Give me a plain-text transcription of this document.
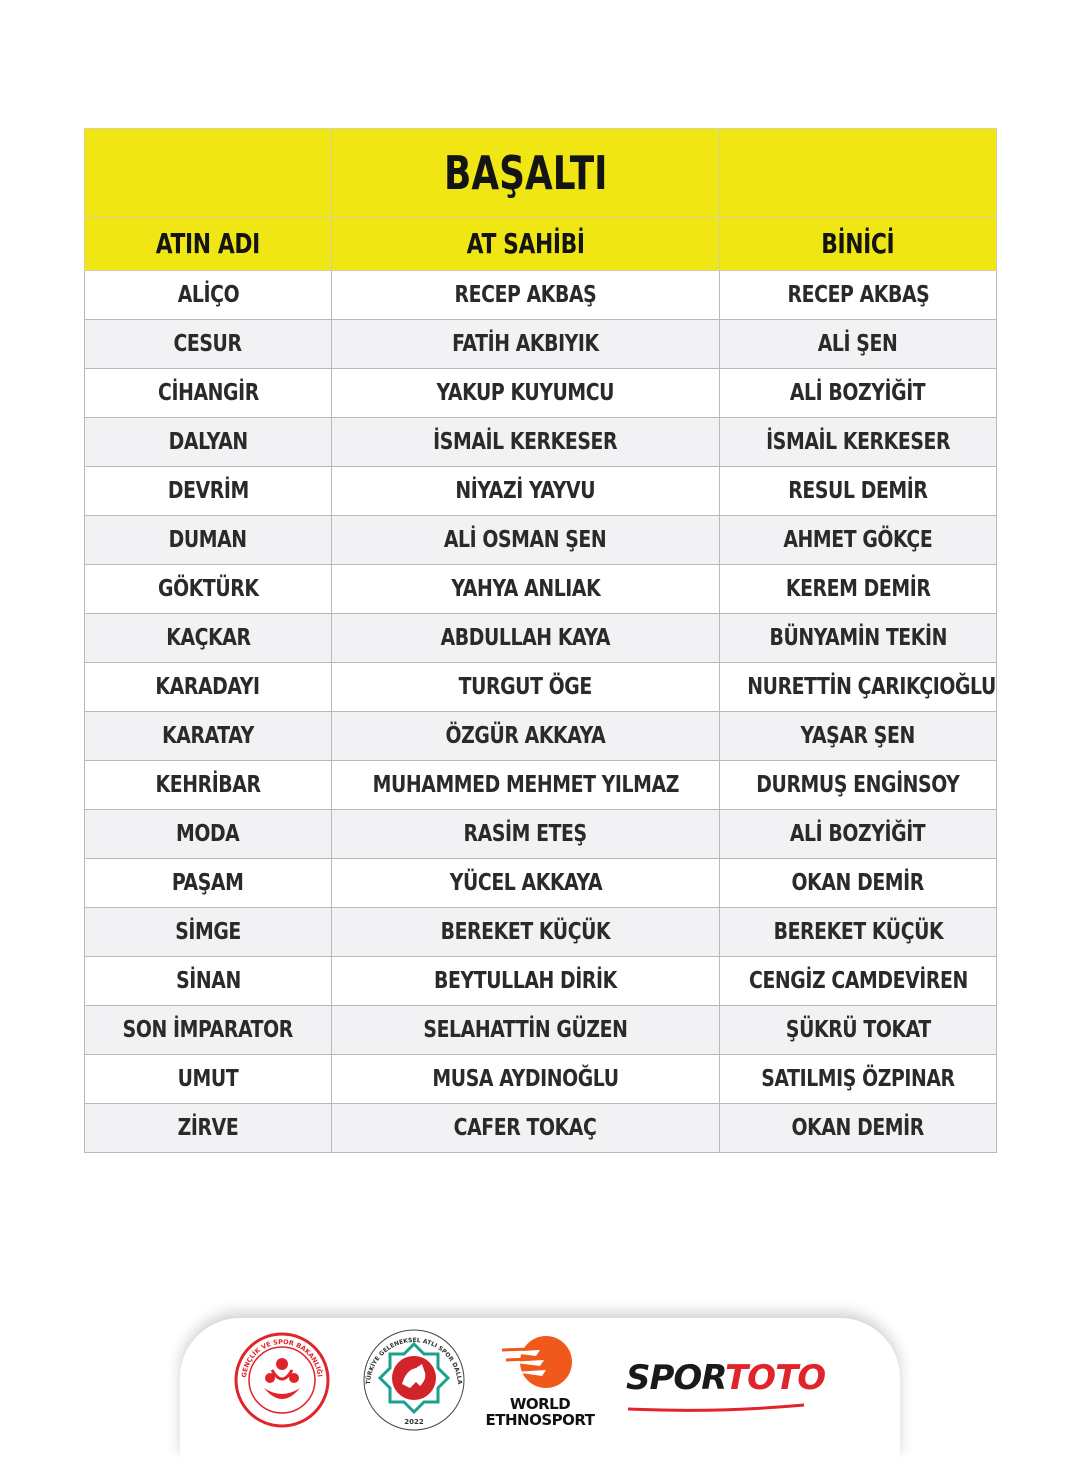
	BAŞALTI	
ATIN ADI	AT SAHİBİ	BİNİCİ
ALİÇO	RECEP AKBAŞ	RECEP AKBAŞ
CESUR	FATİH AKBIYIK	ALİ ŞEN
CİHANGİR	YAKUP KUYUMCU	ALİ BOZYİĞİT
DALYAN	İSMAİL KERKESER	İSMAİL KERKESER
DEVRİM	NİYAZİ YAYVU	RESUL DEMİR
DUMAN	ALİ OSMAN ŞEN	AHMET GÖKÇE
GÖKTÜRK	YAHYA ANLIAK	KEREM DEMİR
KAÇKAR	ABDULLAH KAYA	BÜNYAMİN TEKİN
KARADAYI	TURGUT ÖGE	NURETTİN ÇARIKÇIOĞLU
KARATAY	ÖZGÜR AKKAYA	YAŞAR ŞEN
KEHRİBAR	MUHAMMED MEHMET YILMAZ	DURMUŞ ENGİNSOY
MODA	RASİM ETEŞ	ALİ BOZYİĞİT
PAŞAM	YÜCEL AKKAYA	OKAN DEMİR
SİMGE	BEREKET KÜÇÜK	BEREKET KÜÇÜK
SİNAN	BEYTULLAH DİRİK	CENGİZ CAMDEVİREN
SON İMPARATOR	SELAHATTİN GÜZEN	ŞÜKRÜ TOKAT
UMUT	MUSA AYDINOĞLU	SATILMIŞ ÖZPINAR
ZİRVE	CAFER TOKAÇ	OKAN DEMİR
GENÇLİK VE SPOR BAKANLIĞI
TÜRKİYE GELENEKSEL ATLI SPOR DALLA
2022
WORLD
ETHNOSPORT
SPORTOTO
